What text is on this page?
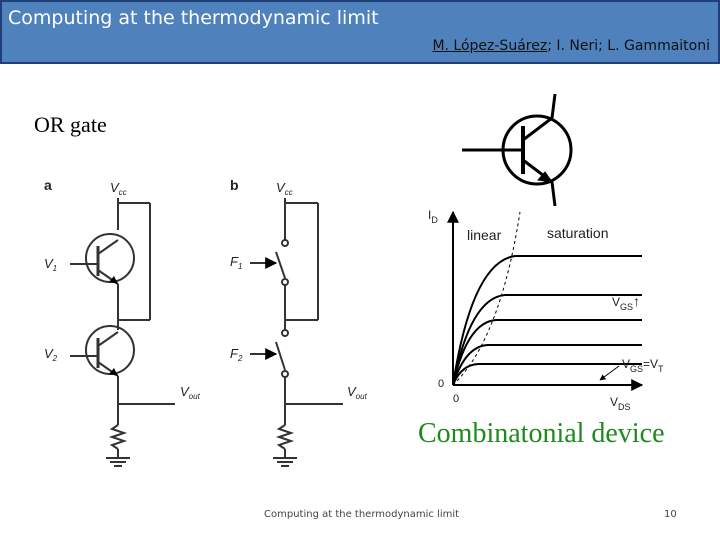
Computing at the thermodynamic limit
M. López-Suárez; I. Neri; L. Gammaitoni
OR gate
a	b
$V_{cc}$	$V_{cc}$
$V_1$
$V_2$
$F_1$
$F_2$
$V_{out}$	$V_{out}$
$I_D$
linear	saturation
$V_{GS}↑$
$V_{GS}=V_T$
0
0	$V_{DS}$
Combinatonial device
Computing at the thermodynamic limit	10
